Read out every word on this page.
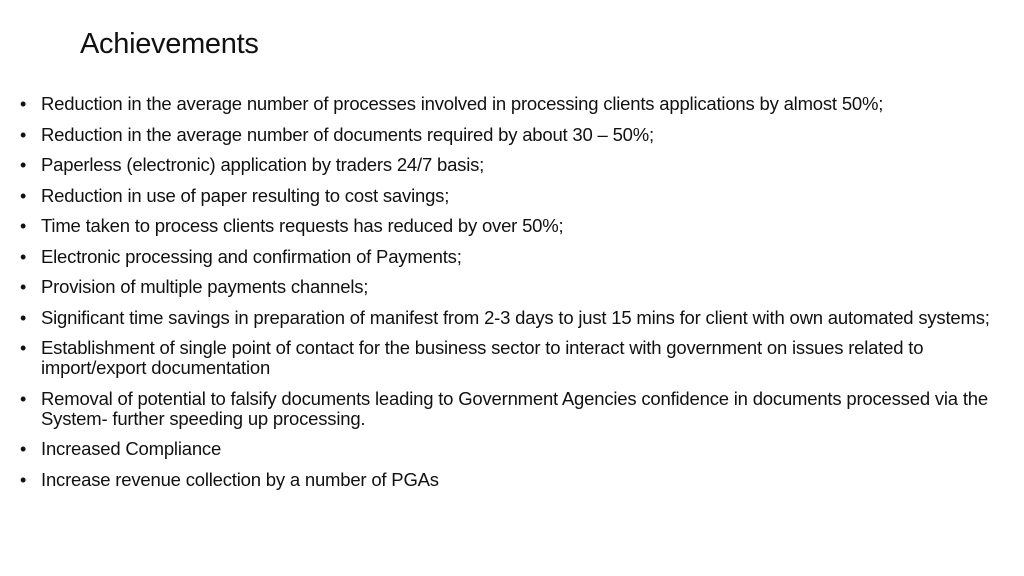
Achievements
• Reduction in the average number of processes involved in processing clients applications by almost 50%;
• Reduction in the average number of documents required by about 30 – 50%;
• Paperless (electronic) application by traders 24/7 basis;
• Reduction in use of paper resulting to cost savings;
• Time taken to process clients requests has reduced by over 50%;
• Electronic processing and confirmation of Payments;
• Provision of multiple payments channels;
• Significant time savings in preparation of manifest from 2-3 days to just 15 mins for client with own automated systems;
• Establishment of single point of contact for the business sector to interact with government on issues related to import/export documentation
• Removal of potential to falsify documents leading to Government Agencies confidence in documents processed via the System- further speeding up processing.
• Increased Compliance
• Increase revenue collection by a number of PGAs
